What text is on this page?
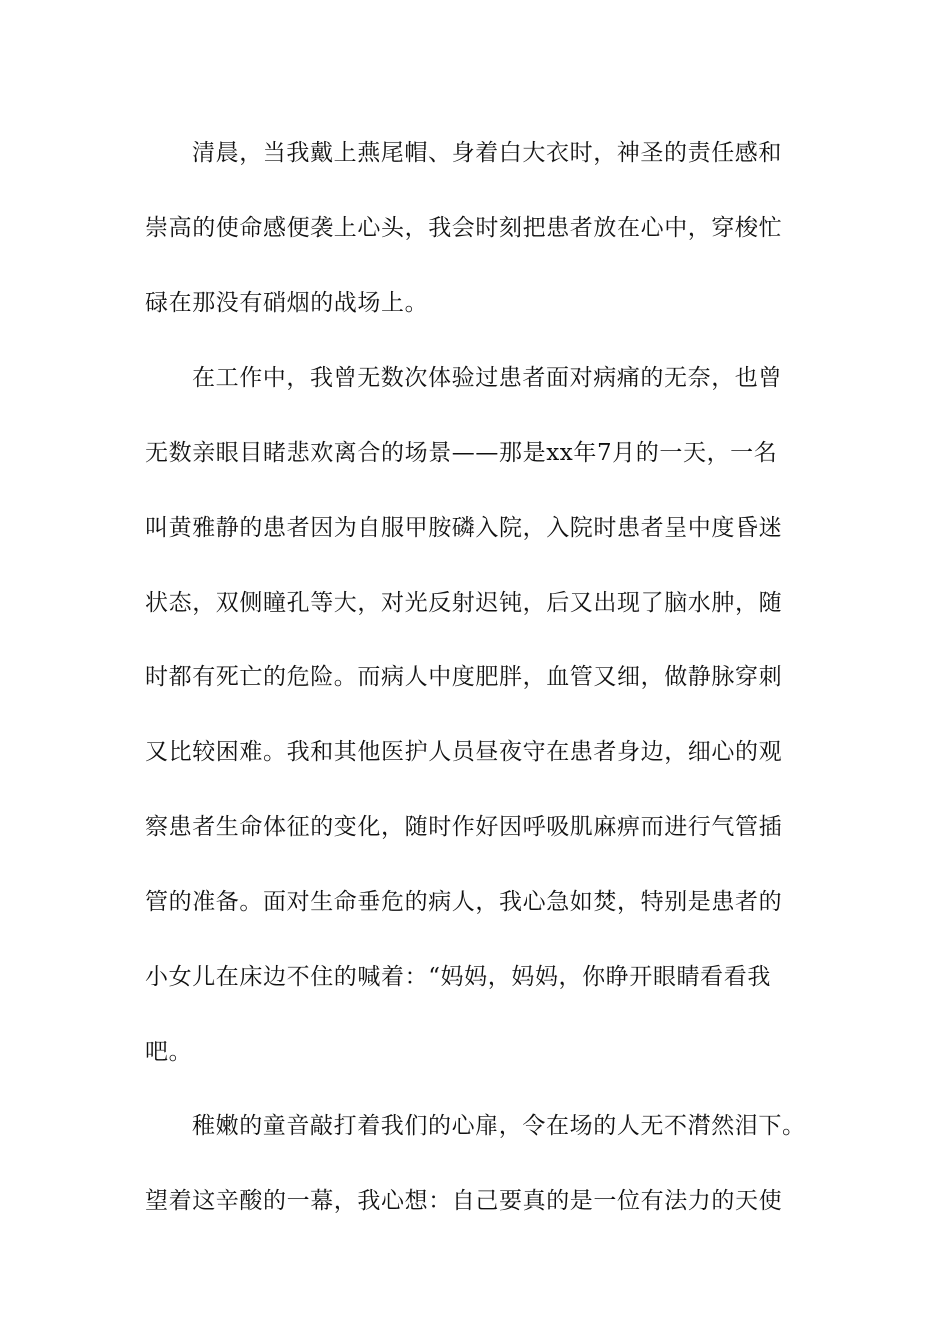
清晨，当我戴上燕尾帽、身着白大衣时，神圣的责任感和
崇高的使命感便袭上心头，我会时刻把患者放在心中，穿梭忙
碌在那没有硝烟的战场上。
在工作中，我曾无数次体验过患者面对病痛的无奈，也曾
无数亲眼目睹悲欢离合的场景——那是xx年7月的一天，一名
叫黄雅静的患者因为自服甲胺磷入院，入院时患者呈中度昏迷
状态，双侧瞳孔等大，对光反射迟钝，后又出现了脑水肿，随
时都有死亡的危险。而病人中度肥胖，血管又细，做静脉穿刺
又比较困难。我和其他医护人员昼夜守在患者身边，细心的观
察患者生命体征的变化，随时作好因呼吸肌麻痹而进行气管插
管的准备。面对生命垂危的病人，我心急如焚，特别是患者的
小女儿在床边不住的喊着：“妈妈，妈妈，你睁开眼睛看看我
吧。
稚嫩的童音敲打着我们的心扉，令在场的人无不潸然泪下。
望着这辛酸的一幕，我心想：自己要真的是一位有法力的天使
